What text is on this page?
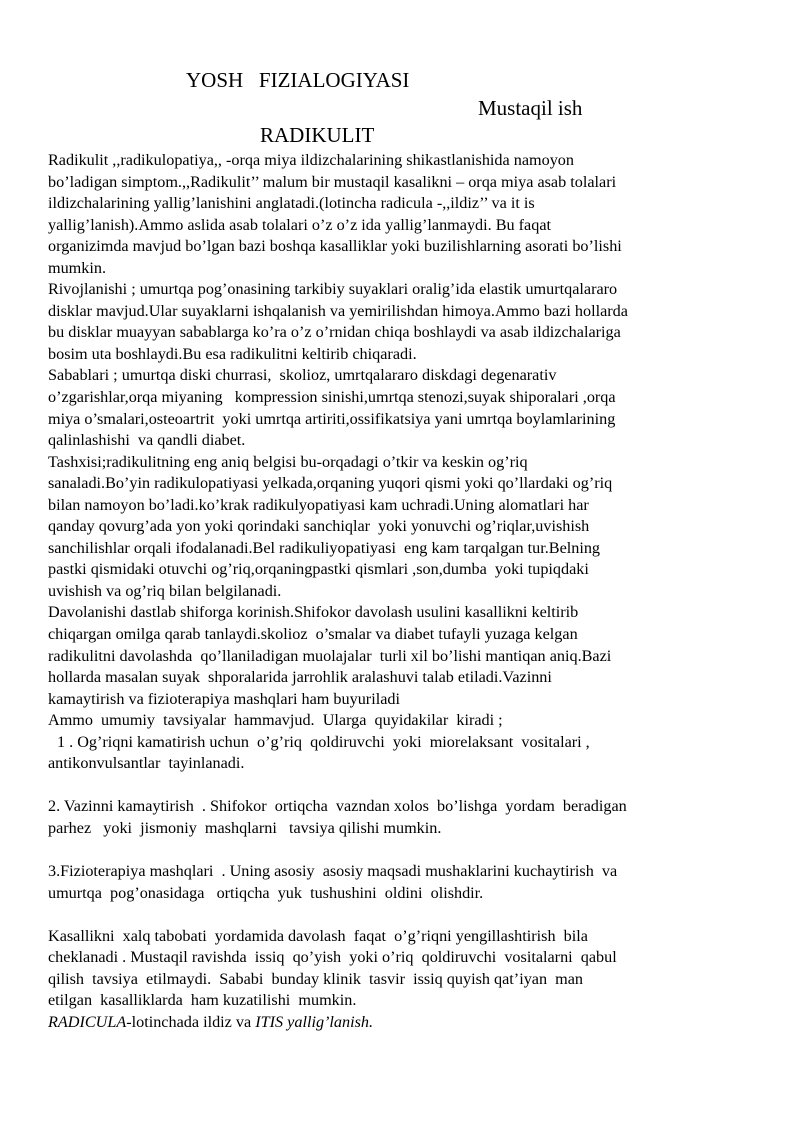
YOSH   FIZIALOGIYASI
Mustaqil ish
RADIKULIT
Radikulit ,,radikulopatiya,, -orqa miya ildizchalarining shikastlanishida namoyon
bo’ladigan simptom.,,Radikulit’’ malum bir mustaqil kasalikni – orqa miya asab tolalari
ildizchalarining yallig’lanishini anglatadi.(lotincha radicula -,,ildiz’’ va it is
yallig’lanish).Ammo aslida asab tolalari o’z o’z ida yallig’lanmaydi. Bu faqat
organizimda mavjud bo’lgan bazi boshqa kasalliklar yoki buzilishlarning asorati bo’lishi
mumkin.
Rivojlanishi ; umurtqa pog’onasining tarkibiy suyaklari oralig’ida elastik umurtqalararo
disklar mavjud.Ular suyaklarni ishqalanish va yemirilishdan himoya.Ammo bazi hollarda
bu disklar muayyan sabablarga ko’ra o’z o’rnidan chiqa boshlaydi va asab ildizchalariga
bosim uta boshlaydi.Bu esa radikulitni keltirib chiqaradi.
Sabablari ; umurtqa diski churrasi,  skolioz, umrtqalararo diskdagi degenarativ
o’zgarishlar,orqa miyaning   kompression sinishi,umrtqa stenozi,suyak shiporalari ,orqa
miya o’smalari,osteoartrit  yoki umrtqa artiriti,ossifikatsiya yani umrtqa boylamlarining
qalinlashishi  va qandli diabet.
Tashxisi;radikulitning eng aniq belgisi bu-orqadagi o’tkir va keskin og’riq
sanaladi.Bo’yin radikulopatiyasi yelkada,orqaning yuqori qismi yoki qo’llardaki og’riq
bilan namoyon bo’ladi.ko’krak radikulyopatiyasi kam uchradi.Uning alomatlari har
qanday qovurg’ada yon yoki qorindaki sanchiqlar  yoki yonuvchi og’riqlar,uvishish
sanchilishlar orqali ifodalanadi.Bel radikuliyopatiyasi  eng kam tarqalgan tur.Belning
pastki qismidaki otuvchi og’riq,orqaningpastki qismlari ,son,dumba  yoki tupiqdaki
uvishish va og’riq bilan belgilanadi.
Davolanishi dastlab shiforga korinish.Shifokor davolash usulini kasallikni keltirib
chiqargan omilga qarab tanlaydi.skolioz  o’smalar va diabet tufayli yuzaga kelgan
radikulitni davolashda  qo’llaniladigan muolajalar  turli xil bo’lishi mantiqan aniq.Bazi
hollarda masalan suyak  shporalarida jarrohlik aralashuvi talab etiladi.Vazinni
kamaytirish va fizioterapiya mashqlari ham buyuriladi
Ammo  umumiy  tavsiyalar  hammavjud.  Ularga  quyidakilar  kiradi ;
1 . Og’riqni kamatirish uchun  o’g’riq  qoldiruvchi  yoki  miorelaksant  vositalari ,
antikonvulsantlar  tayinlanadi.
2. Vazinni kamaytirish  . Shifokor  ortiqcha  vazndan xolos  bo’lishga  yordam  beradigan
parhez   yoki  jismoniy  mashqlarni   tavsiya qilishi mumkin.
3.Fizioterapiya mashqlari  . Uning asosiy  asosiy maqsadi mushaklarini kuchaytirish  va
umurtqa  pog’onasidaga   ortiqcha  yuk  tushushini  oldini  olishdir.
Kasallikni  xalq tabobati  yordamida davolash  faqat  o’g’riqni yengillashtirish  bila
cheklanadi . Mustaqil ravishda  issiq  qo’yish  yoki o’riq  qoldiruvchi  vositalarni  qabul
qilish  tavsiya  etilmaydi.  Sababi  bunday klinik  tasvir  issiq quyish qat’iyan  man
etilgan  kasalliklarda  ham kuzatilishi  mumkin.
RADICULA-lotinchada ildiz va ITIS yallig’lanish.
